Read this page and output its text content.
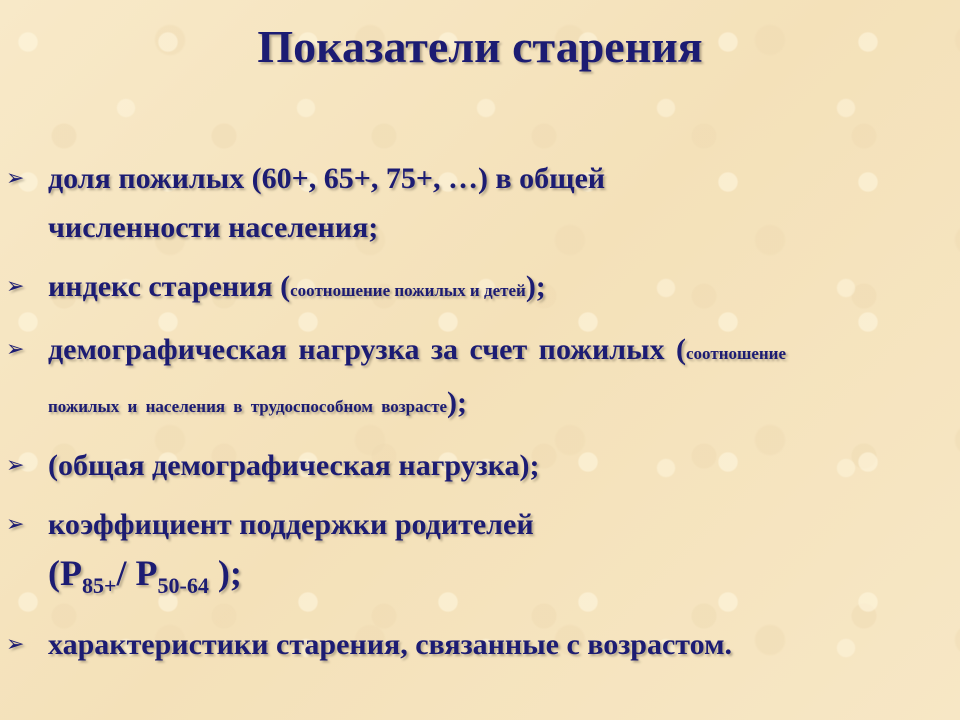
Показатели старения
➢ доля пожилых (60+, 65+, 75+, …) в общей
численности населения;
➢ индекс старения (соотношение пожилых и детей);
➢ демографическая нагрузка за счет пожилых (соотношение
пожилых и населения в трудоспособном возрасте);
➢ (общая демографическая нагрузка);
➢ коэффициент поддержки родителей
($P_{85+}/$ $P_{50-64}$ );
➢ характеристики старения, связанные с возрастом.
